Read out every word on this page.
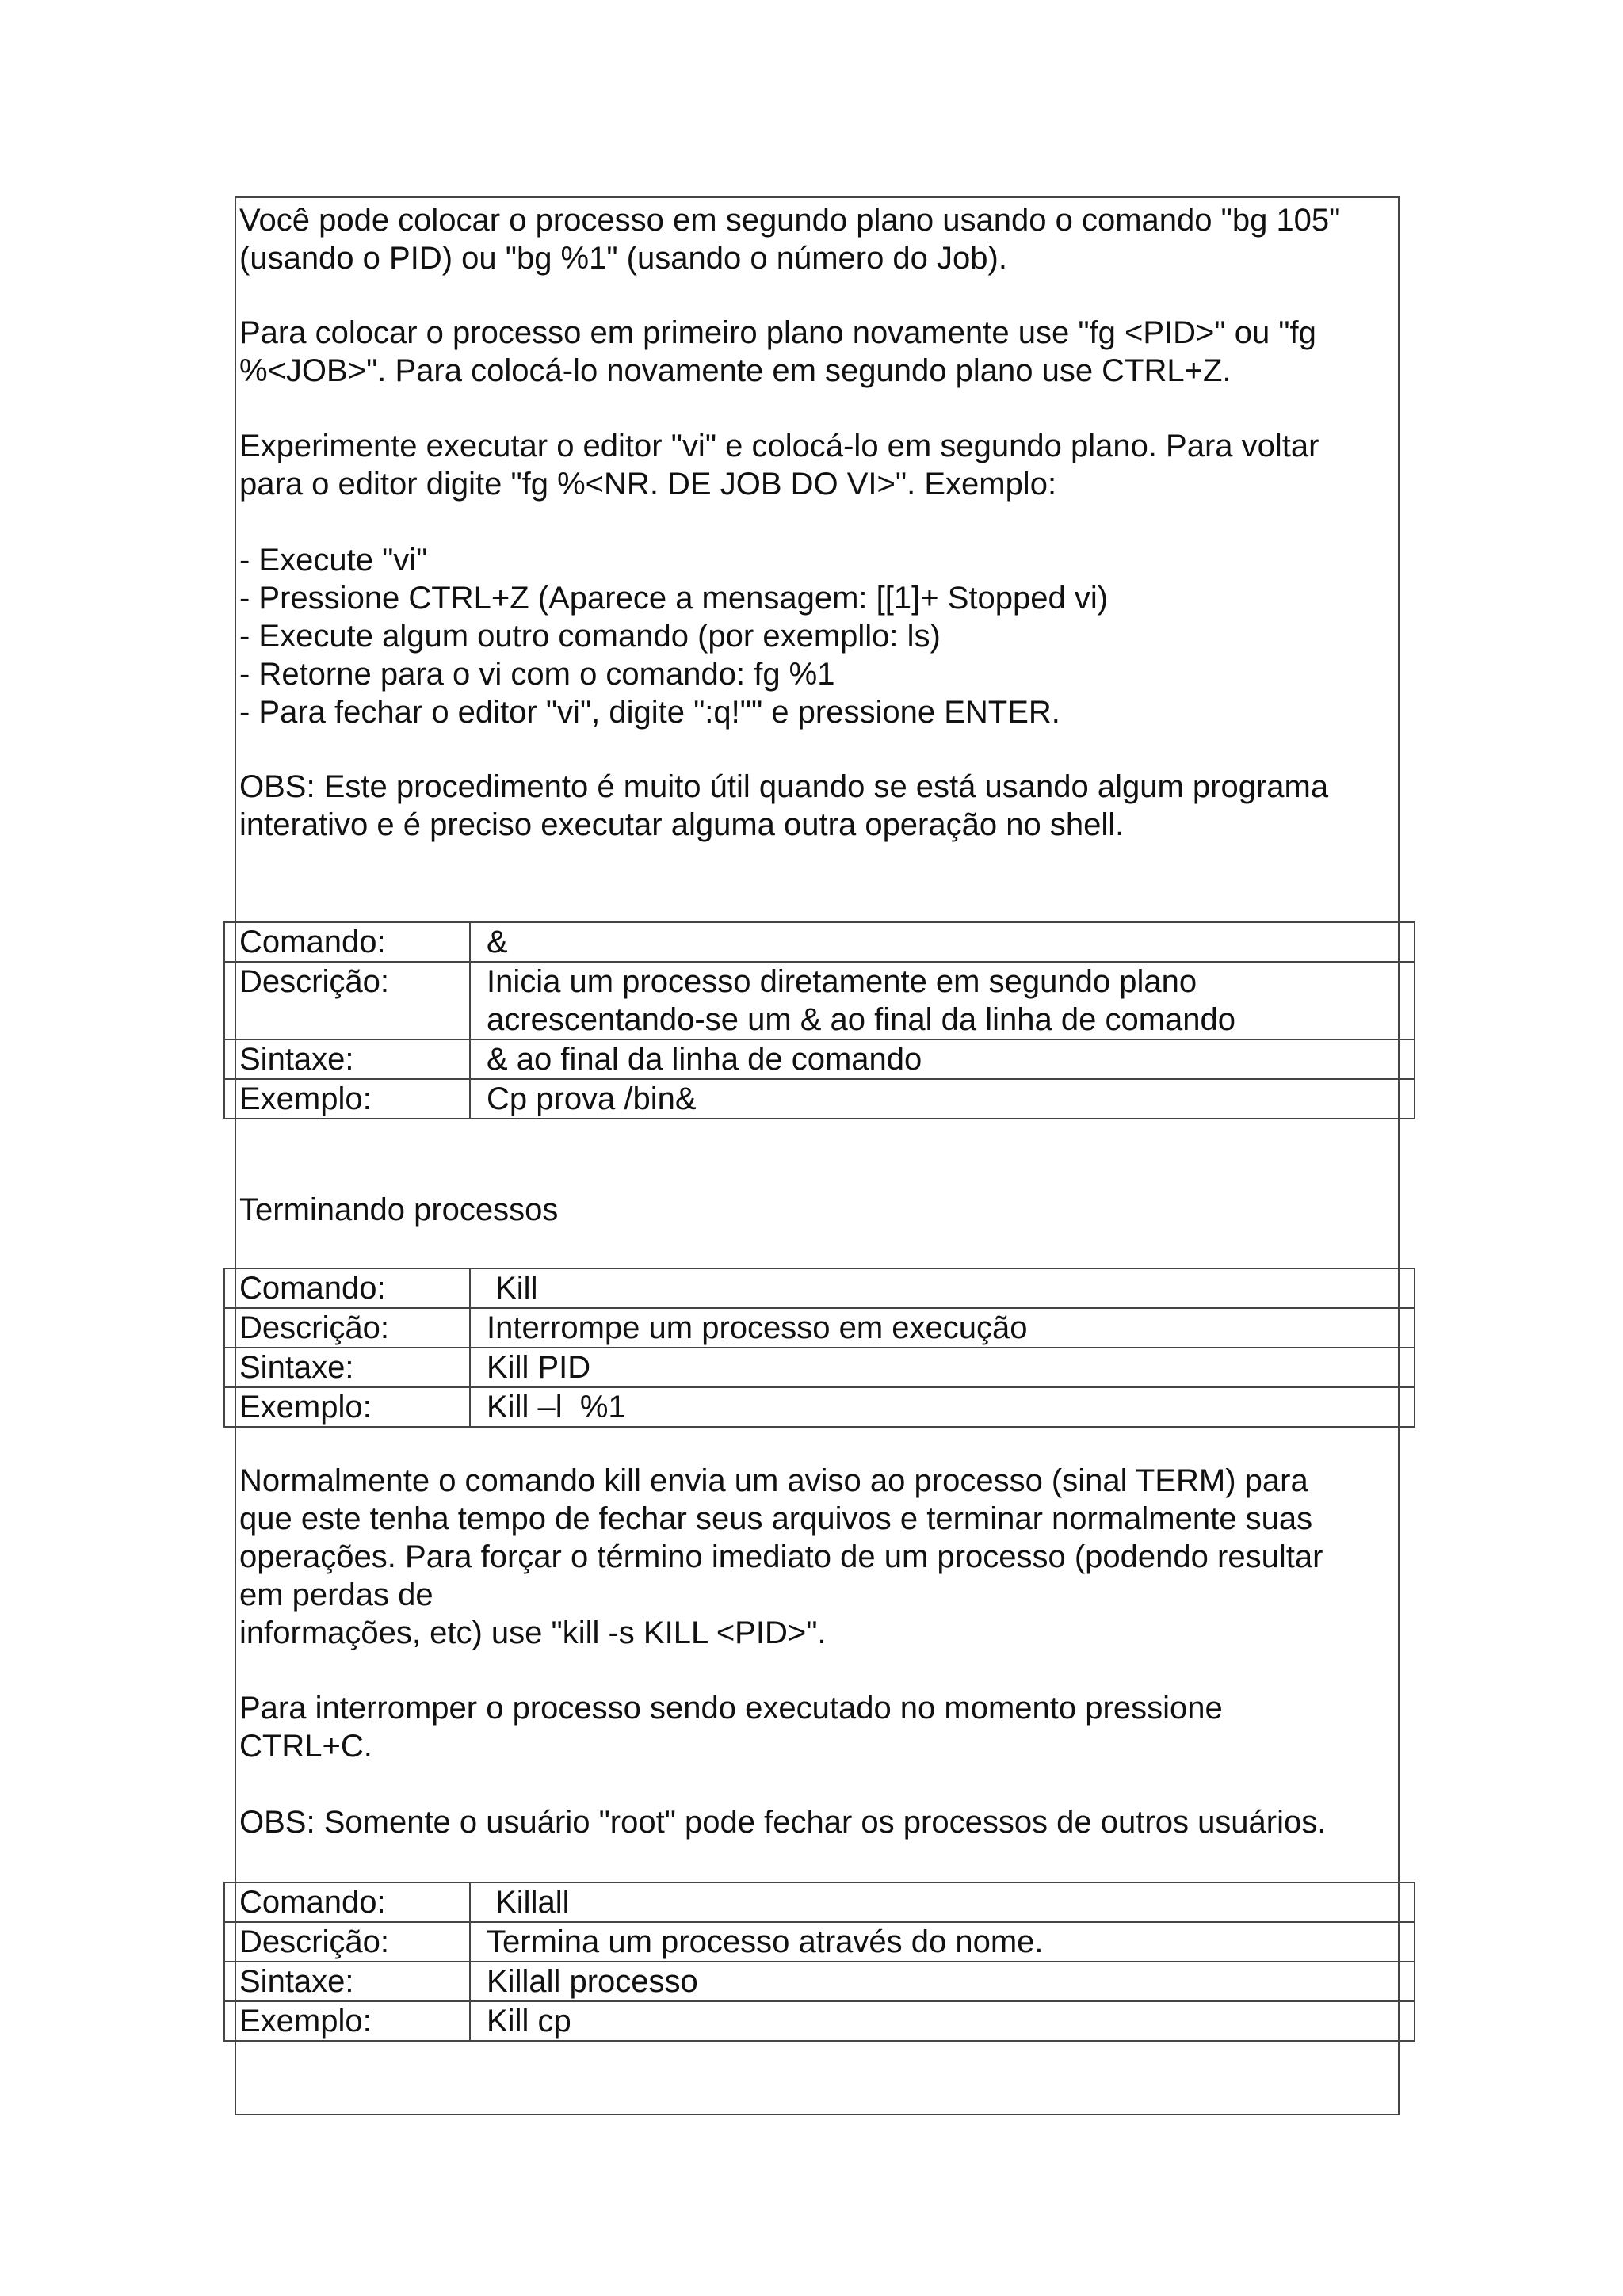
Você pode colocar o processo em segundo plano usando o comando "bg 105"
(usando o PID) ou "bg %1" (usando o número do Job).
Para colocar o processo em primeiro plano novamente use "fg <PID>" ou "fg
%<JOB>". Para colocá-lo novamente em segundo plano use CTRL+Z.
Experimente executar o editor "vi" e colocá-lo em segundo plano. Para voltar
para o editor digite "fg %<NR. DE JOB DO VI>". Exemplo:
- Execute "vi"
- Pressione CTRL+Z (Aparece a mensagem: [[1]+ Stopped vi)
- Execute algum outro comando (por exempllo: ls)
- Retorne para o vi com o comando: fg %1
- Para fechar o editor "vi", digite ":q!"" e pressione ENTER.
OBS: Este procedimento é muito útil quando se está usando algum programa
interativo e é preciso executar alguma outra operação no shell.
Comando:	&

Descrição:	Inicia um processo diretamente em segundo plano
acrescentando-se um & ao final da linha de comando

Sintaxe:	& ao final da linha de comando

Exemplo:	Cp prova /bin&
Terminando processos
Comando:	Kill

Descrição:	Interrompe um processo em execução

Sintaxe:	Kill PID

Exemplo:	Kill –l  %1
Normalmente o comando kill envia um aviso ao processo (sinal TERM) para
que este tenha tempo de fechar seus arquivos e terminar normalmente suas
operações. Para forçar o término imediato de um processo (podendo resultar
em perdas de
informações, etc) use "kill -s KILL <PID>".
Para interromper o processo sendo executado no momento pressione
CTRL+C.
OBS: Somente o usuário "root" pode fechar os processos de outros usuários.
Comando:	Killall

Descrição:	Termina um processo através do nome.

Sintaxe:	Killall processo

Exemplo:	Kill cp
